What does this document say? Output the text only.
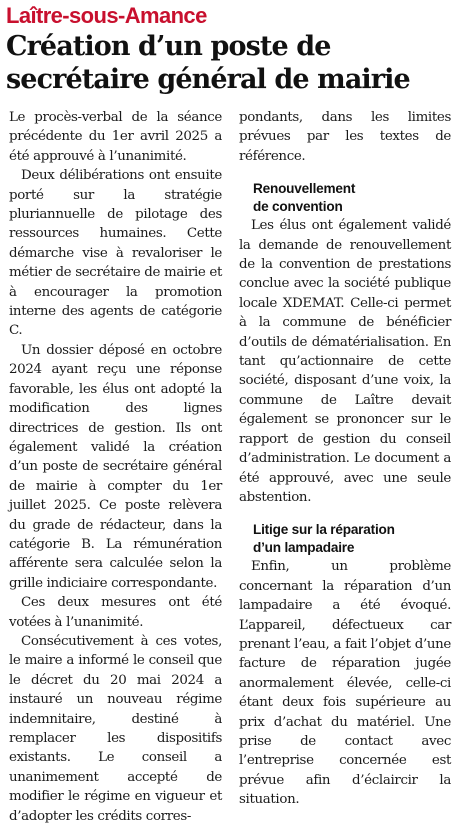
Laître-sous-Amance

Création d’un poste de secrétaire général de mairie

Le procès-verbal de la séance précédente du 1er avril 2025 a été approuvé à l’unanimité.

Deux délibérations ont ensuite porté sur la stratégie pluriannuelle de pilotage des ressources humaines. Cette démarche vise à revaloriser le métier de secrétaire de mairie et à encourager la promotion interne des agents de catégorie C.

Un dossier déposé en octobre 2024 ayant reçu une réponse favorable, les élus ont adopté la modification des lignes directrices de gestion. Ils ont également validé la création d’un poste de secrétaire général de mairie à compter du 1er juillet 2025. Ce poste relèvera du grade de rédacteur, dans la catégorie B. La rémunération afférente sera calculée selon la grille indiciaire correspondante.

Ces deux mesures ont été votées à l’unanimité.

Consécutivement à ces votes, le maire a informé le conseil que le décret du 20 mai 2024 a instauré un nouveau régime indemnitaire, destiné à remplacer les dispositifs existants. Le conseil a unanimement accepté de modifier le régime en vigueur et d’adopter les crédits corres-

pondants, dans les limites prévues par les textes de référence.

Renouvellement

de convention

Les élus ont également validé la demande de renouvellement de la convention de prestations conclue avec la société publique locale XDEMAT. Celle-ci permet à la commune de bénéficier d’outils de dématérialisation. En tant qu’actionnaire de cette société, disposant d’une voix, la commune de Laître devait également se prononcer sur le rapport de gestion du conseil d’administration. Le document a été approuvé, avec une seule abstention.

Litige sur la réparation

d’un lampadaire

Enfin, un problème concernant la réparation d’un lampadaire a été évoqué. L’appareil, défectueux car prenant l’eau, a fait l’objet d’une facture de réparation jugée anormalement élevée, celle-ci étant deux fois supérieure au prix d’achat du matériel. Une prise de contact avec l’entreprise concernée est prévue afin d’éclaircir la situation.
